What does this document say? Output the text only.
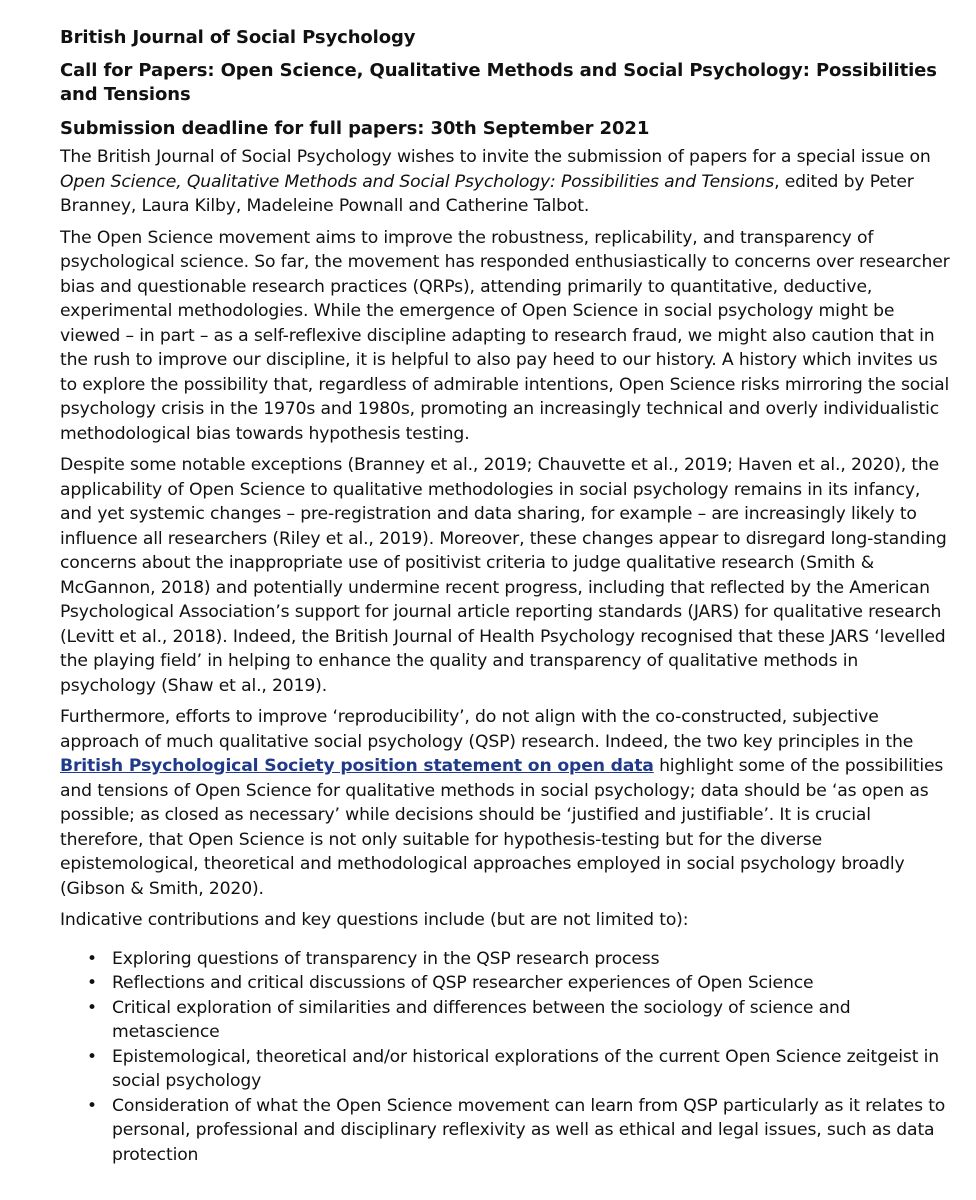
British Journal of Social Psychology
Call for Papers: Open Science, Qualitative Methods and Social Psychology: Possibilities and Tensions
Submission deadline for full papers: 30th September 2021

The British Journal of Social Psychology wishes to invite the submission of papers for a special issue on Open Science, Qualitative Methods and Social Psychology: Possibilities and Tensions, edited by Peter Branney, Laura Kilby, Madeleine Pownall and Catherine Talbot.

The Open Science movement aims to improve the robustness, replicability, and transparency of psychological science. So far, the movement has responded enthusiastically to concerns over researcher bias and questionable research practices (QRPs), attending primarily to quantitative, deductive, experimental methodologies. While the emergence of Open Science in social psychology might be viewed – in part – as a self-reflexive discipline adapting to research fraud, we might also caution that in the rush to improve our discipline, it is helpful to also pay heed to our history. A history which invites us to explore the possibility that, regardless of admirable intentions, Open Science risks mirroring the social psychology crisis in the 1970s and 1980s, promoting an increasingly technical and overly individualistic methodological bias towards hypothesis testing.

Despite some notable exceptions (Branney et al., 2019; Chauvette et al., 2019; Haven et al., 2020), the applicability of Open Science to qualitative methodologies in social psychology remains in its infancy, and yet systemic changes – pre-registration and data sharing, for example – are increasingly likely to influence all researchers (Riley et al., 2019). Moreover, these changes appear to disregard long-standing concerns about the inappropriate use of positivist criteria to judge qualitative research (Smith & McGannon, 2018) and potentially undermine recent progress, including that reflected by the American Psychological Association’s support for journal article reporting standards (JARS) for qualitative research (Levitt et al., 2018). Indeed, the British Journal of Health Psychology recognised that these JARS ‘levelled the playing field’ in helping to enhance the quality and transparency of qualitative methods in psychology (Shaw et al., 2019).

Furthermore, efforts to improve ‘reproducibility’, do not align with the co-constructed, subjective approach of much qualitative social psychology (QSP) research. Indeed, the two key principles in the British Psychological Society position statement on open data highlight some of the possibilities and tensions of Open Science for qualitative methods in social psychology; data should be ‘as open as possible; as closed as necessary’ while decisions should be ‘justified and justifiable’. It is crucial therefore, that Open Science is not only suitable for hypothesis-testing but for the diverse epistemological, theoretical and methodological approaches employed in social psychology broadly (Gibson & Smith, 2020).

Indicative contributions and key questions include (but are not limited to):

• Exploring questions of transparency in the QSP research process
• Reflections and critical discussions of QSP researcher experiences of Open Science
• Critical exploration of similarities and differences between the sociology of science and metascience
• Epistemological, theoretical and/or historical explorations of the current Open Science zeitgeist in social psychology
• Consideration of what the Open Science movement can learn from QSP particularly as it relates to personal, professional and disciplinary reflexivity as well as ethical and legal issues, such as data protection
